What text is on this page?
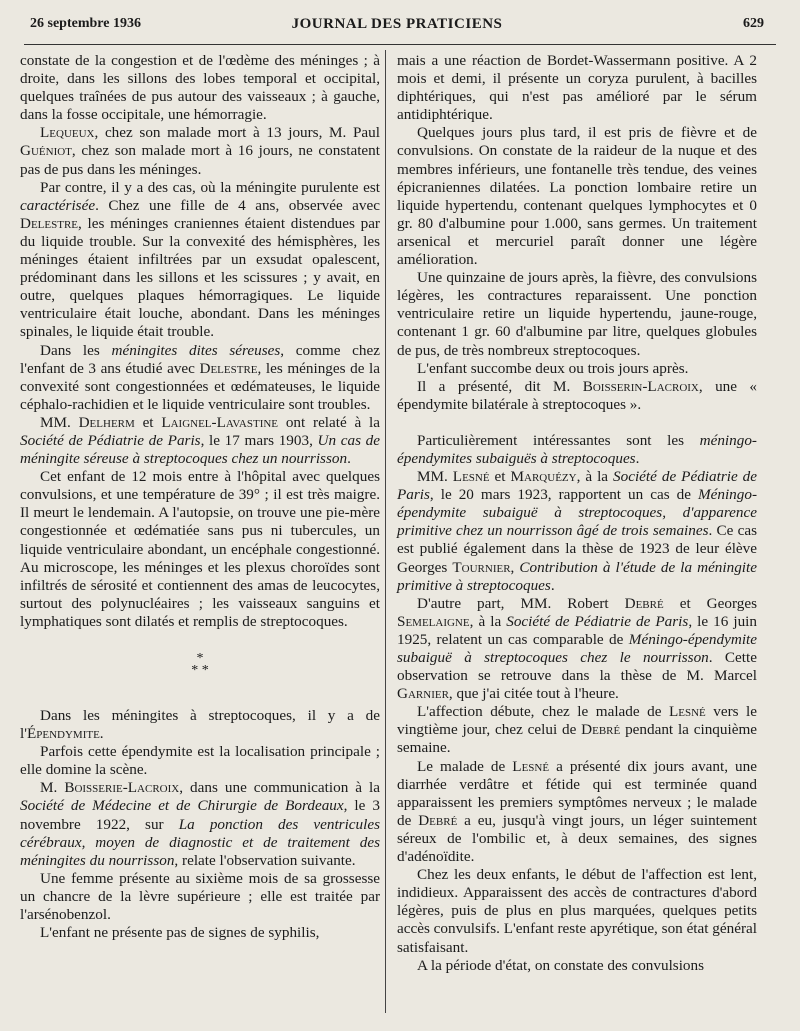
26 septembre 1936	JOURNAL DES PRATICIENS	629

constate de la congestion et de l'œdème des méninges ; à droite, dans les sillons des lobes temporal et occipital, quelques traînées de pus autour des vaisseaux ; à gauche, dans la fosse occipitale, une hémorragie.

Lequeux, chez son malade mort à 13 jours, M. Paul Guéniot, chez son malade mort à 16 jours, ne constatent pas de pus dans les méninges.

Par contre, il y a des cas, où la méningite purulente est caractérisée. Chez une fille de 4 ans, observée avec Delestre, les méninges craniennes étaient distendues par du liquide trouble. Sur la convexité des hémisphères, les méninges étaient infiltrées par un exsudat opalescent, prédominant dans les sillons et les scissures ; y avait, en outre, quelques plaques hémorragiques. Le liquide ventriculaire était louche, abondant. Dans les méninges spinales, le liquide était trouble.

Dans les méningites dites séreuses, comme chez l'enfant de 3 ans étudié avec Delestre, les méninges de la convexité sont congestionnées et œdémateuses, le liquide céphalo-rachidien et le liquide ventriculaire sont troubles.

MM. Delherm et Laignel-Lavastine ont relaté à la Société de Pédiatrie de Paris, le 17 mars 1903, Un cas de méningite séreuse à streptocoques chez un nourrisson.

Cet enfant de 12 mois entre à l'hôpital avec quelques convulsions, et une température de 39° ; il est très maigre. Il meurt le lendemain. A l'autopsie, on trouve une pie-mère congestionnée et œdématiée sans pus ni tubercules, un liquide ventriculaire abondant, un encéphale congestionné. Au microscope, les méninges et les plexus choroïdes sont infiltrés de sérosité et contiennent des amas de leucocytes, surtout des polynucléaires ; les vaisseaux sanguins et lymphatiques sont dilatés et remplis de streptocoques.

*
* *

Dans les méningites à streptocoques, il y a de l'Épendymite.

Parfois cette épendymite est la localisation principale ; elle domine la scène.

M. Boisserie-Lacroix, dans une communication à la Société de Médecine et de Chirurgie de Bordeaux, le 3 novembre 1922, sur La ponction des ventricules cérébraux, moyen de diagnostic et de traitement des méningites du nourrisson, relate l'observation suivante.

Une femme présente au sixième mois de sa grossesse un chancre de la lèvre supérieure ; elle est traitée par l'arsénobenzol.

L'enfant ne présente pas de signes de syphilis,

mais a une réaction de Bordet-Wassermann positive. A 2 mois et demi, il présente un coryza purulent, à bacilles diphtériques, qui n'est pas amélioré par le sérum antidiphtérique.

Quelques jours plus tard, il est pris de fièvre et de convulsions. On constate de la raideur de la nuque et des membres inférieurs, une fontanelle très tendue, des veines épicraniennes dilatées. La ponction lombaire retire un liquide hypertendu, contenant quelques lymphocytes et 0 gr. 80 d'albumine pour 1.000, sans germes. Un traitement arsenical et mercuriel paraît donner une légère amélioration.

Une quinzaine de jours après, la fièvre, des convulsions légères, les contractures reparaissent. Une ponction ventriculaire retire un liquide hypertendu, jaune-rouge, contenant 1 gr. 60 d'albumine par litre, quelques globules de pus, de très nombreux streptocoques.

L'enfant succombe deux ou trois jours après.

Il a présenté, dit M. Boisserin-Lacroix, une « épendymite bilatérale à streptocoques ».

Particulièrement intéressantes sont les méningo-épendymites subaiguës à streptocoques.

MM. Lesné et Marquézy, à la Société de Pédiatrie de Paris, le 20 mars 1923, rapportent un cas de Méningo-épendymite subaiguë à streptocoques, d'apparence primitive chez un nourrisson âgé de trois semaines. Ce cas est publié également dans la thèse de 1923 de leur élève Georges Tournier, Contribution à l'étude de la méningite primitive à streptocoques.

D'autre part, MM. Robert Debré et Georges Semelaigne, à la Société de Pédiatrie de Paris, le 16 juin 1925, relatent un cas comparable de Méningo-épendymite subaiguë à streptocoques chez le nourrisson. Cette observation se retrouve dans la thèse de M. Marcel Garnier, que j'ai citée tout à l'heure.

L'affection débute, chez le malade de Lesné vers le vingtième jour, chez celui de Debré pendant la cinquième semaine.

Le malade de Lesné a présenté dix jours avant, une diarrhée verdâtre et fétide qui est terminée quand apparaissent les premiers symptômes nerveux ; le malade de Debré a eu, jusqu'à vingt jours, un léger suintement séreux de l'ombilic et, à deux semaines, des signes d'adénoïdite.

Chez les deux enfants, le début de l'affection est lent, indidieux. Apparaissent des accès de contractures d'abord légères, puis de plus en plus marquées, quelques petits accès convulsifs. L'enfant reste apyrétique, son état général satisfaisant.

A la période d'état, on constate des convulsions
